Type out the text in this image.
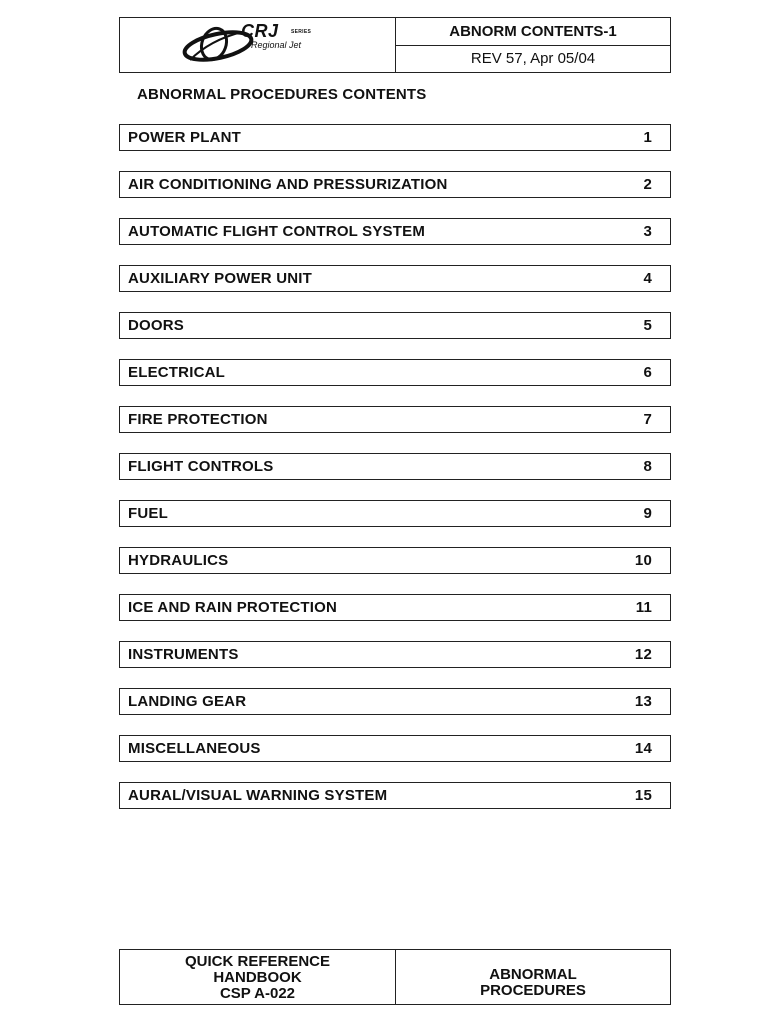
CRJ SERIES
Regional Jet
ABNORM CONTENTS-1
REV 57, Apr 05/04
ABNORMAL PROCEDURES CONTENTS
POWER PLANT	1
AIR CONDITIONING AND PRESSURIZATION	2
AUTOMATIC FLIGHT CONTROL SYSTEM	3
AUXILIARY POWER UNIT	4
DOORS	5
ELECTRICAL	6
FIRE PROTECTION	7
FLIGHT CONTROLS	8
FUEL	9
HYDRAULICS	10
ICE AND RAIN PROTECTION	11
INSTRUMENTS	12
LANDING GEAR	13
MISCELLANEOUS	14
AURAL/VISUAL WARNING SYSTEM	15
QUICK REFERENCE
HANDBOOK
CSP A-022
ABNORMAL
PROCEDURES
